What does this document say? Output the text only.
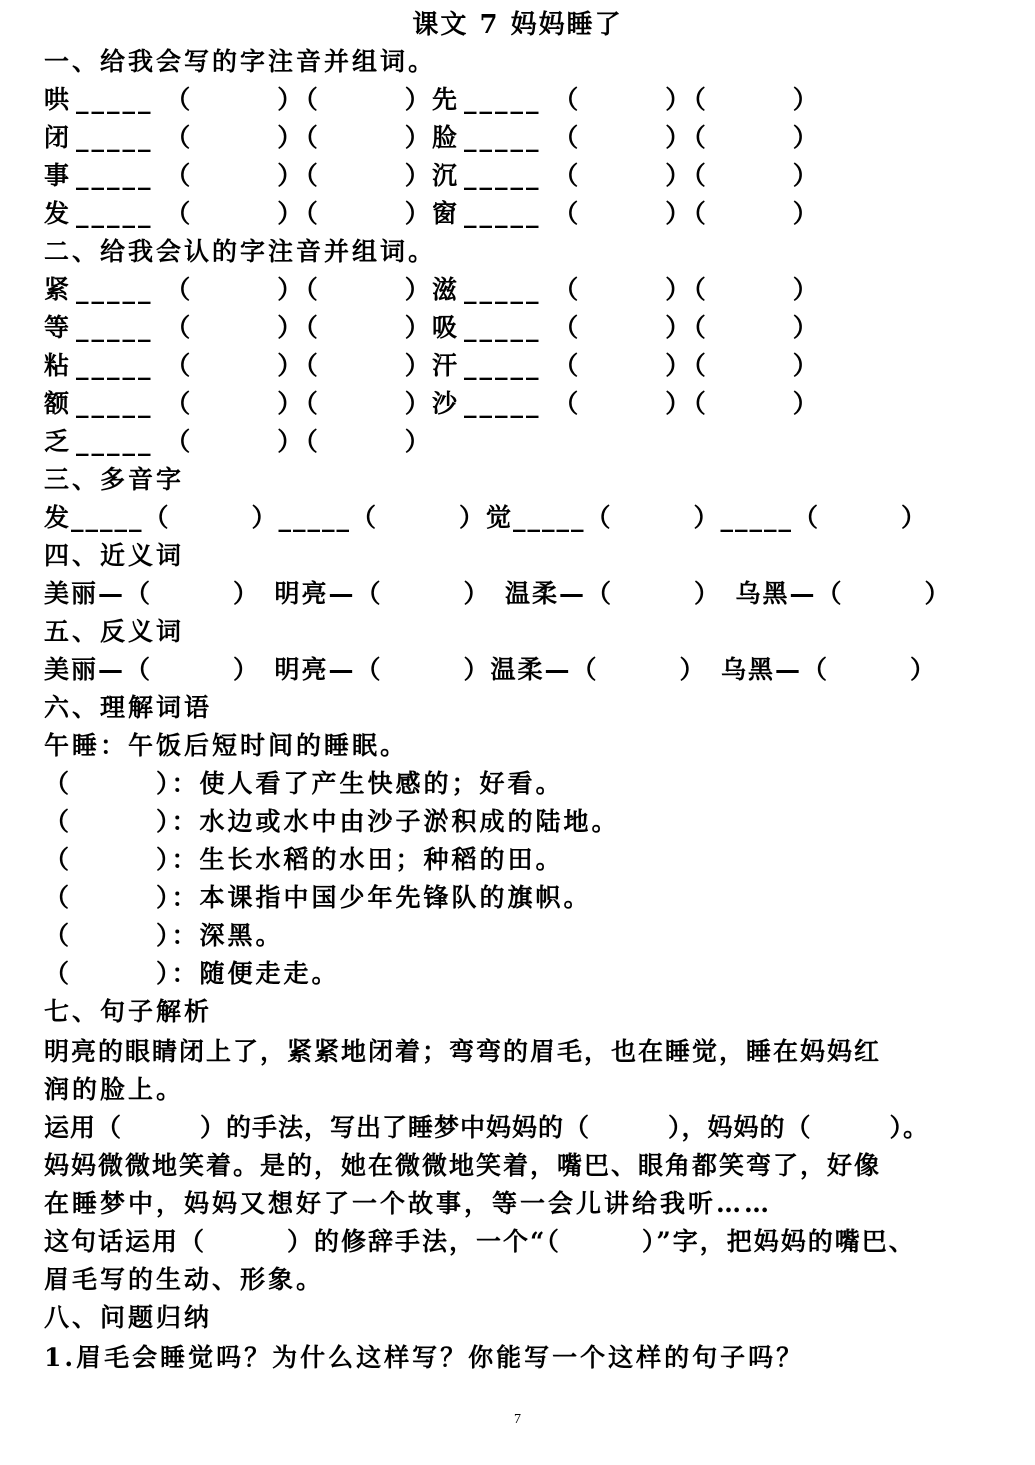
课文 7 妈妈睡了
一、给我会写的字注音并组词。
哄 _____ （　　　）（　　　） 先 _____ （　　　）（　　　）
闭 _____ （　　　）（　　　） 脸 _____ （　　　）（　　　）
事 _____ （　　　）（　　　） 沉 _____ （　　　）（　　　）
发 _____ （　　　）（　　　） 窗 _____ （　　　）（　　　）
二、给我会认的字注音并组词。
紧 _____ （　　　）（　　　） 滋 _____ （　　　）（　　　）
等 _____ （　　　）（　　　） 吸 _____ （　　　）（　　　）
粘 _____ （　　　）（　　　） 汗 _____ （　　　）（　　　）
额 _____ （　　　）（　　　） 沙 _____ （　　　）（　　　）
乏 _____ （　　　）（　　　）
三、多音字
发_____（　　　）_____（　　　）觉_____（　　　）_____（　　　）
四、近义词
美丽—（　　　）　明亮—（　　　）　温柔—（　　　）　乌黑—（　　　）
五、反义词
美丽—（　　　）　明亮—（　　　）温柔—（　　　）　乌黑—（　　　）
六、理解词语
午睡：午饭后短时间的睡眠。
（　　　）：使人看了产生快感的；好看。
（　　　）：水边或水中由沙子淤积成的陆地。
（　　　）：生长水稻的水田；种稻的田。
（　　　）：本课指中国少年先锋队的旗帜。
（　　　）：深黑。
（　　　）：随便走走。
七、句子解析
明亮的眼睛闭上了，紧紧地闭着；弯弯的眉毛，也在睡觉，睡在妈妈红
润的脸上。
运用（　　　）的手法，写出了睡梦中妈妈的（　　　），妈妈的（　　　）。
妈妈微微地笑着。是的，她在微微地笑着，嘴巴、眼角都笑弯了，好像
在睡梦中，妈妈又想好了一个故事，等一会儿讲给我听……
这句话运用（　　　）的修辞手法，一个“（　　　）”字，把妈妈的嘴巴、
眉毛写的生动、形象。
八、问题归纳
1.眉毛会睡觉吗？为什么这样写？你能写一个这样的句子吗？
7
